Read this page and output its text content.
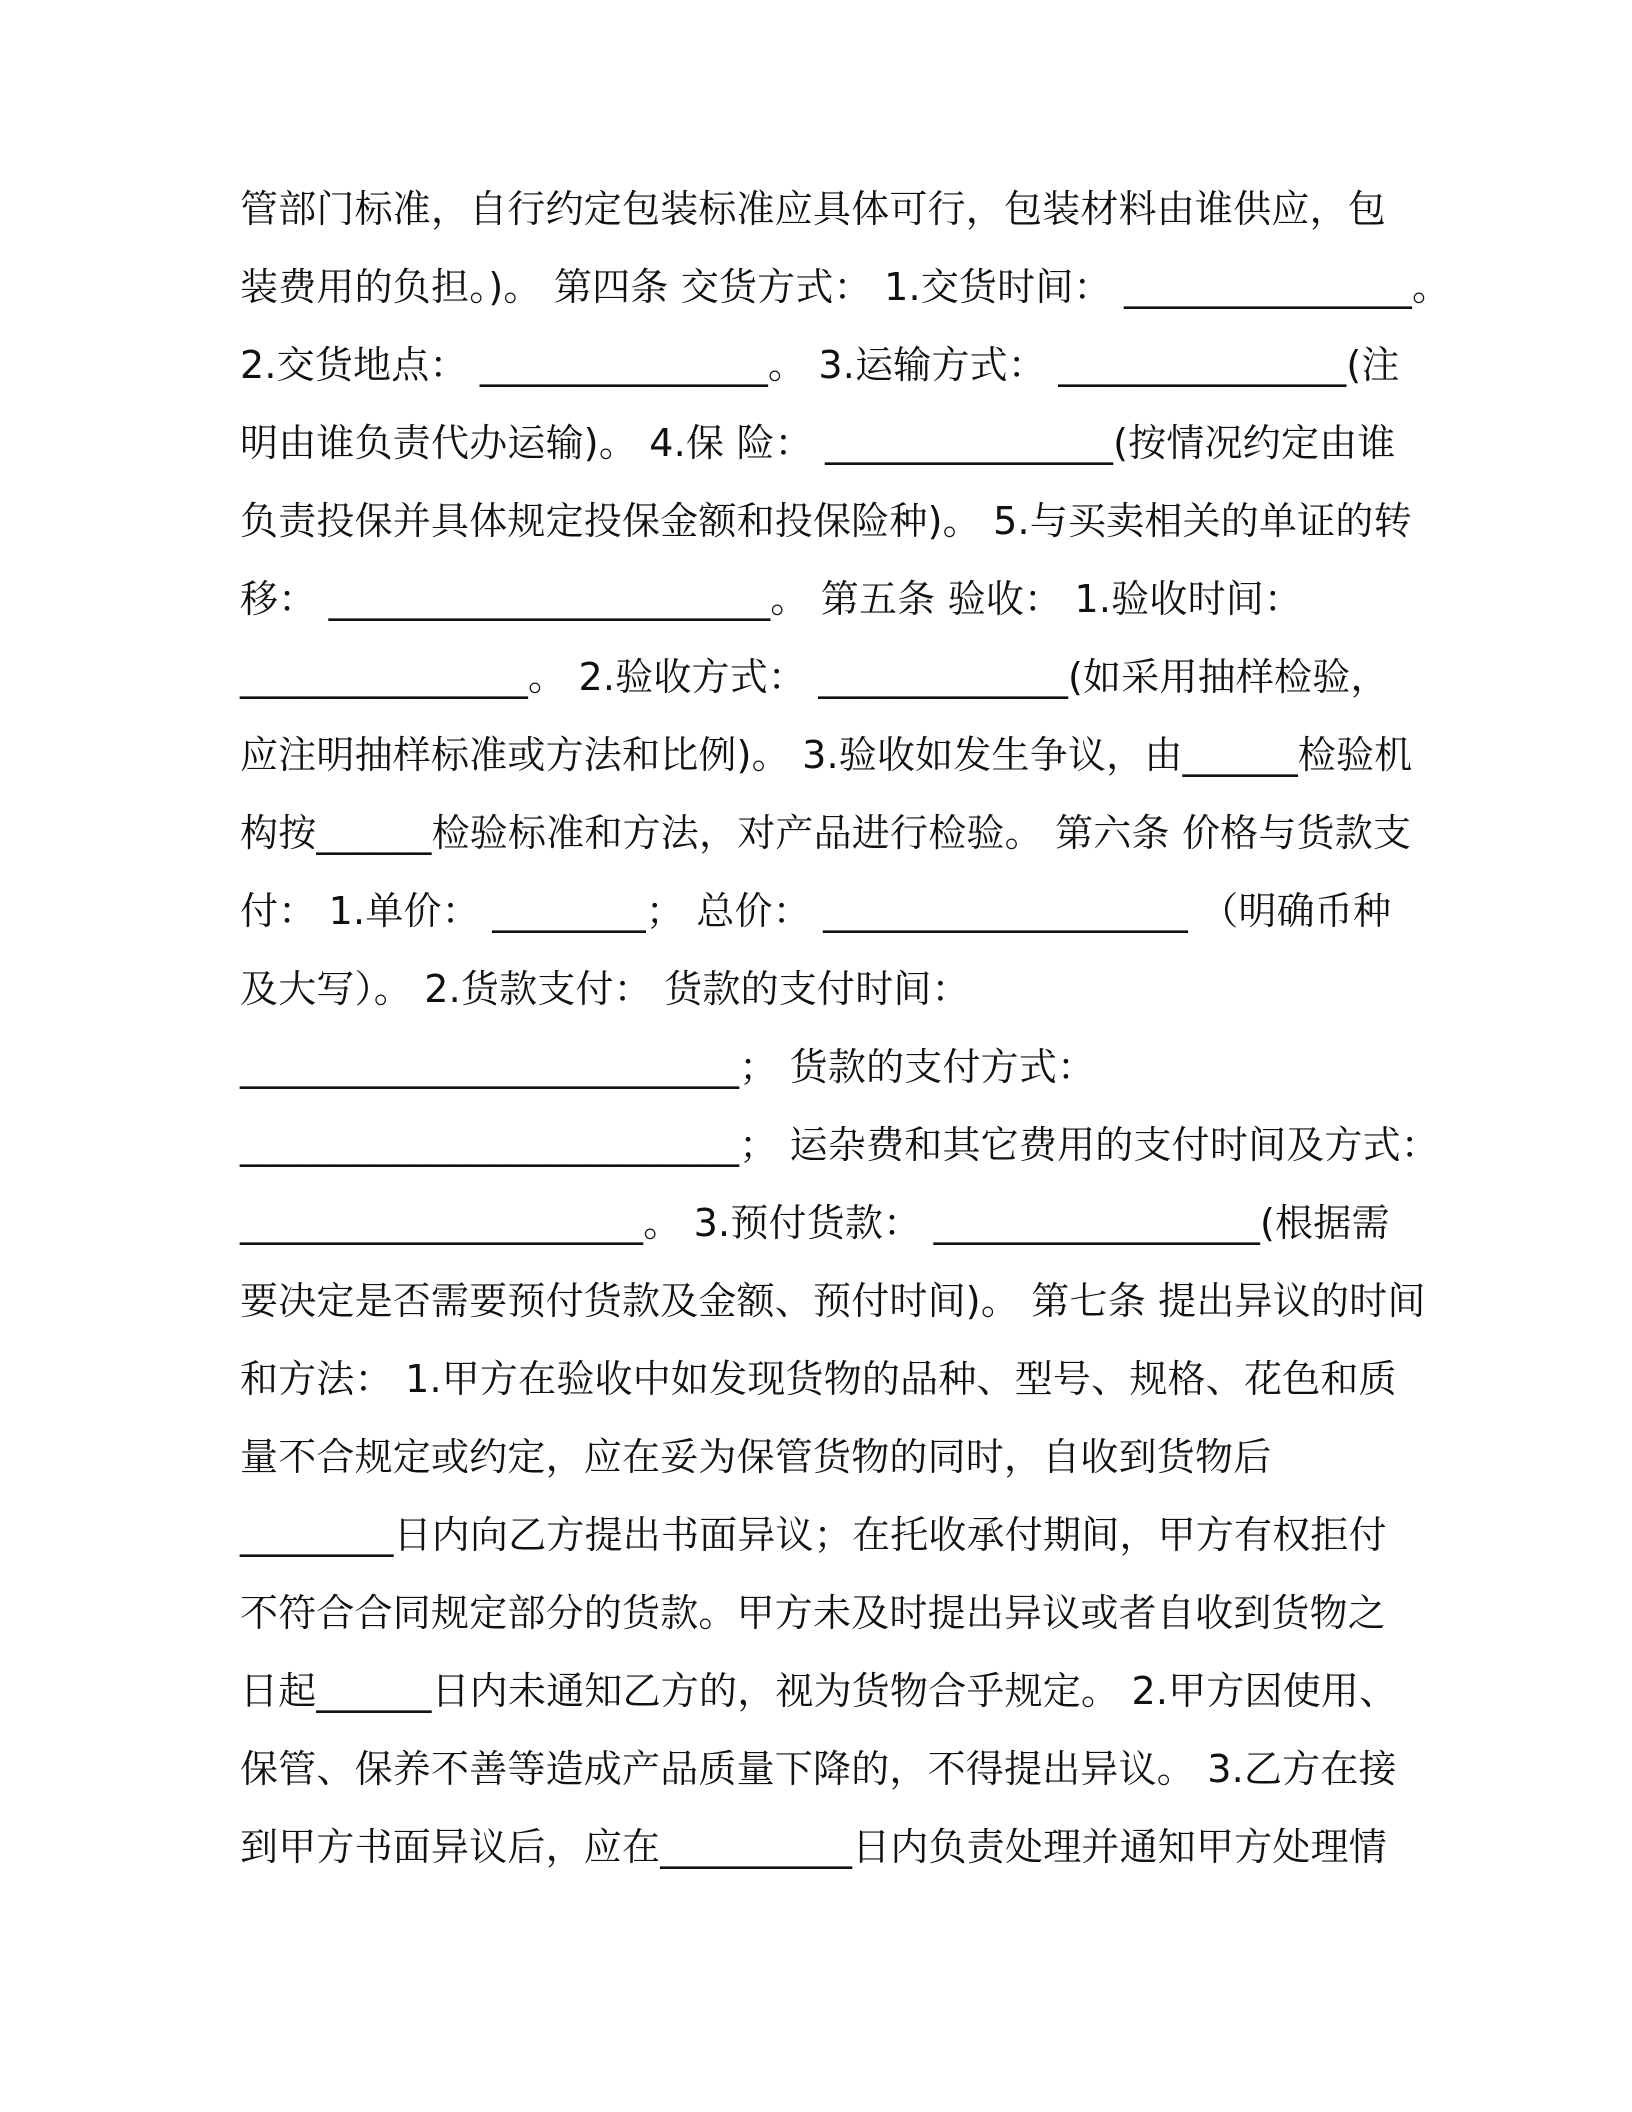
管部门标准，自行约定包装标准应具体可行，包装材料由谁供应，包
装费用的负担。)。 第四条 交货方式： 1.交货时间： _______________。
2.交货地点： _______________。 3.运输方式： _______________(注
明由谁负责代办运输)。 4.保 险： _______________(按情况约定由谁
负责投保并具体规定投保金额和投保险种)。 5.与买卖相关的单证的转
移： _______________________。 第五条 验收： 1.验收时间：
_______________。 2.验收方式： _____________(如采用抽样检验，
应注明抽样标准或方法和比例)。 3.验收如发生争议，由______检验机
构按______检验标准和方法，对产品进行检验。 第六条 价格与货款支
付： 1.单价： ________； 总价： ___________________ （明确币种
及大写）。 2.货款支付： 货款的支付时间：
__________________________； 货款的支付方式：
__________________________； 运杂费和其它费用的支付时间及方式：
_____________________。 3.预付货款： _________________(根据需
要决定是否需要预付货款及金额、预付时间)。 第七条 提出异议的时间
和方法： 1.甲方在验收中如发现货物的品种、型号、规格、花色和质
量不合规定或约定，应在妥为保管货物的同时，自收到货物后
________日内向乙方提出书面异议；在托收承付期间，甲方有权拒付
不符合合同规定部分的货款。甲方未及时提出异议或者自收到货物之
日起______日内未通知乙方的，视为货物合乎规定。 2.甲方因使用、
保管、保养不善等造成产品质量下降的，不得提出异议。 3.乙方在接
到甲方书面异议后，应在__________日内负责处理并通知甲方处理情
